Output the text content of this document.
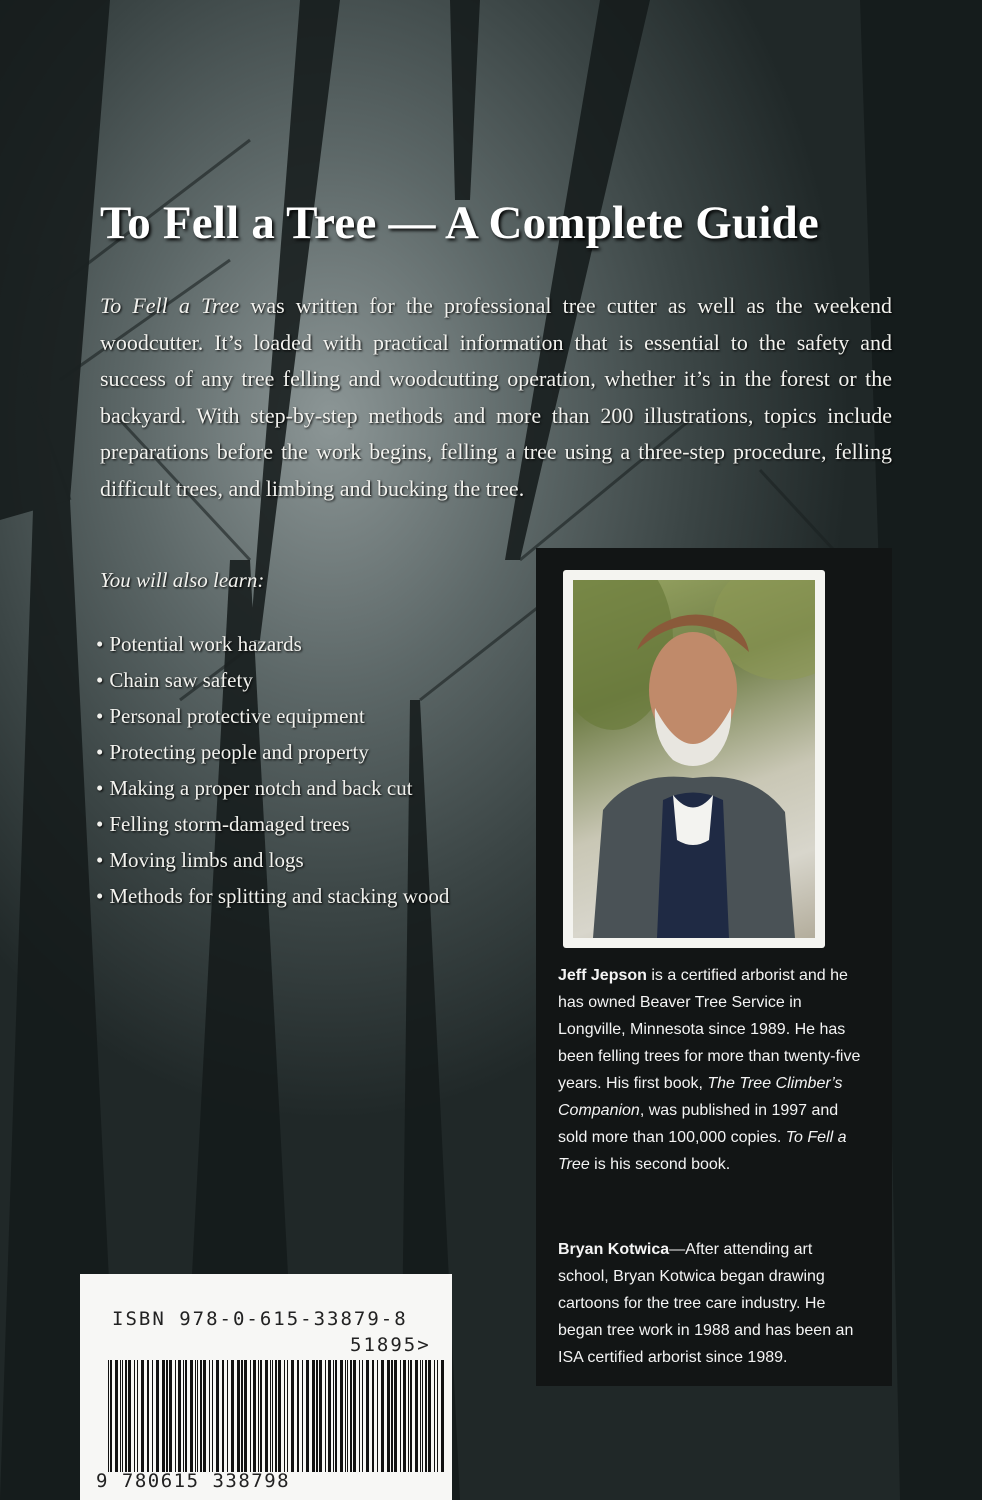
To Fell a Tree — A Complete Guide
To Fell a Tree was written for the professional tree cutter as well as the weekend woodcutter. It’s loaded with practical information that is essential to the safety and success of any tree felling and woodcutting operation, whether it’s in the forest or the backyard. With step-by-step methods and more than 200 illustrations, topics include preparations before the work begins, felling a tree using a three-step procedure, felling difficult trees, and limbing and bucking the tree.
You will also learn:
• Potential work hazards
• Chain saw safety
• Personal protective equipment
• Protecting people and property
• Making a proper notch and back cut
• Felling storm-damaged trees
• Moving limbs and logs
• Methods for splitting and stacking wood
Jeff Jepson is a certified arborist and he has owned Beaver Tree Service in Longville, Minnesota since 1989. He has been felling trees for more than twenty-five years. His first book, The Tree Climber’s Companion, was published in 1997 and sold more than 100,000 copies. To Fell a Tree is his second book.
Bryan Kotwica—After attending art school, Bryan Kotwica began drawing cartoons for the tree care industry. He began tree work in 1988 and has been an ISA certified arborist since 1989.
ISBN 978-0-615-33879-8
51895>
9 780615 338798
